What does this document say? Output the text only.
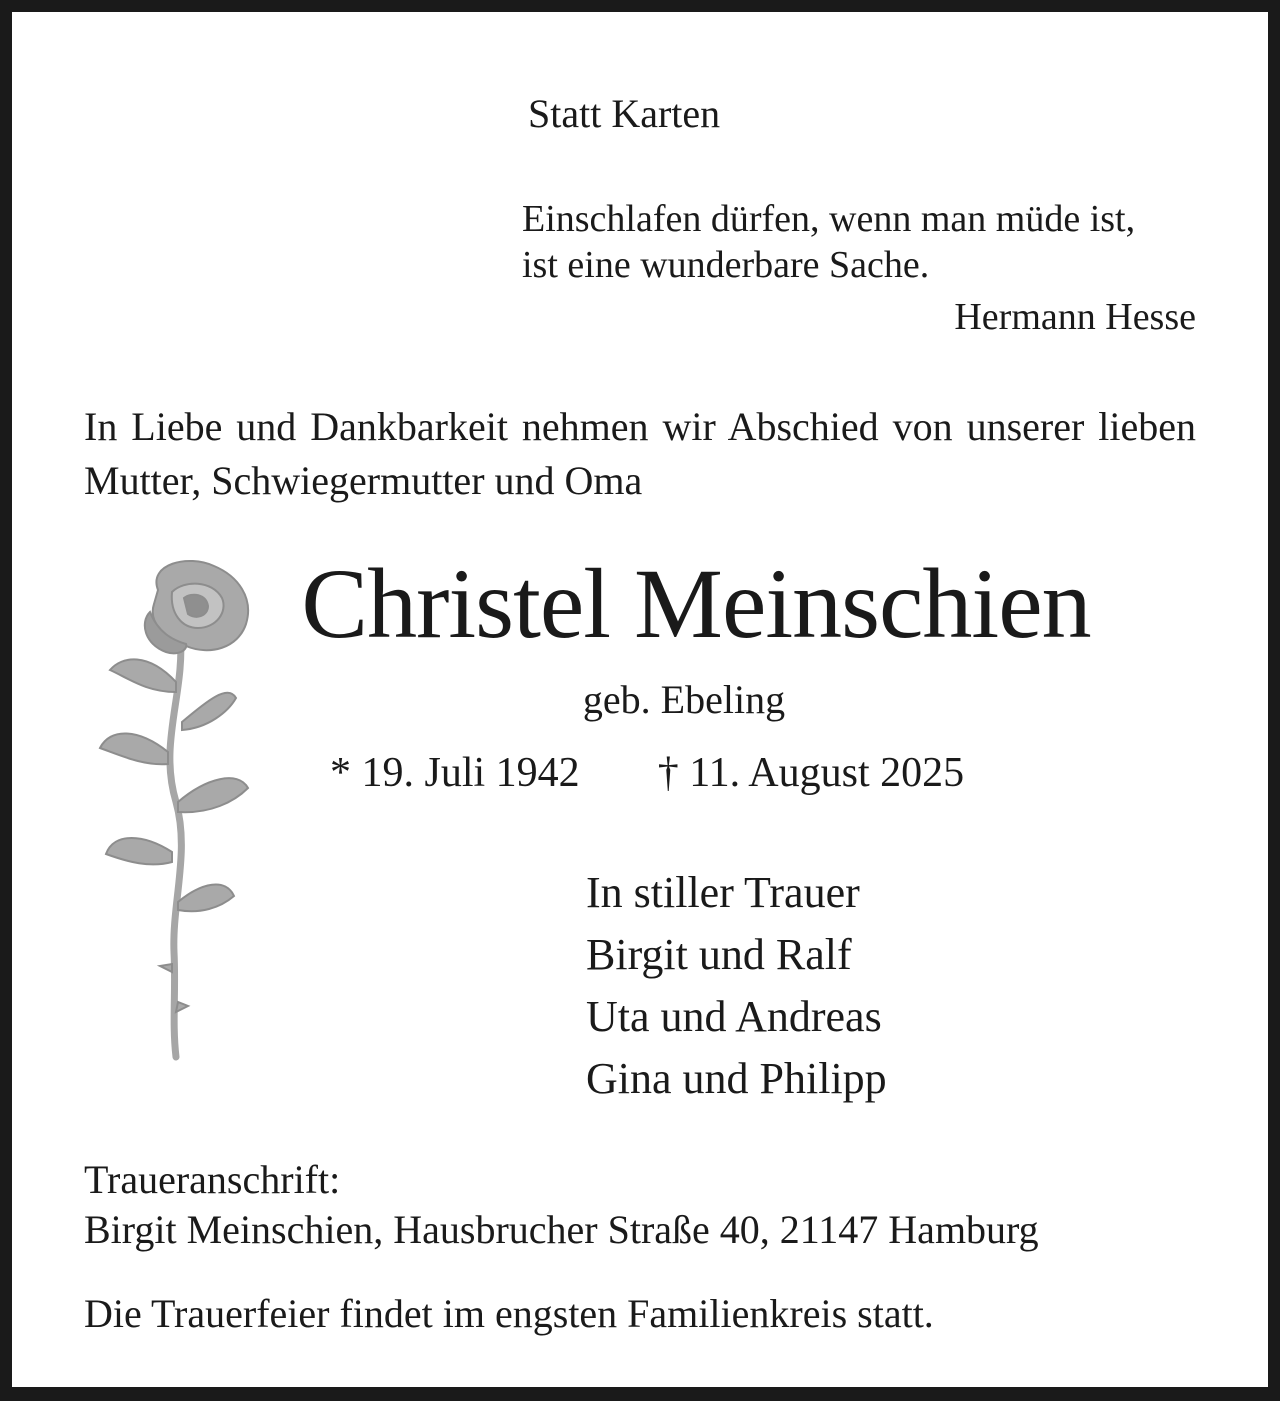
Statt Karten
Einschlafen dürfen, wenn man müde ist,
ist eine wunderbare Sache.
Hermann Hesse
In Liebe und Dankbarkeit nehmen wir Abschied von unserer lieben Mutter, Schwiegermutter und Oma
Christel Meinschien
geb. Ebeling
* 19. Juli 1942 † 11. August 2025
In stiller Trauer
Birgit und Ralf
Uta und Andreas
Gina und Philipp
Traueranschrift:
Birgit Meinschien, Hausbrucher Straße 40, 21147 Hamburg
Die Trauerfeier findet im engsten Familienkreis statt.
